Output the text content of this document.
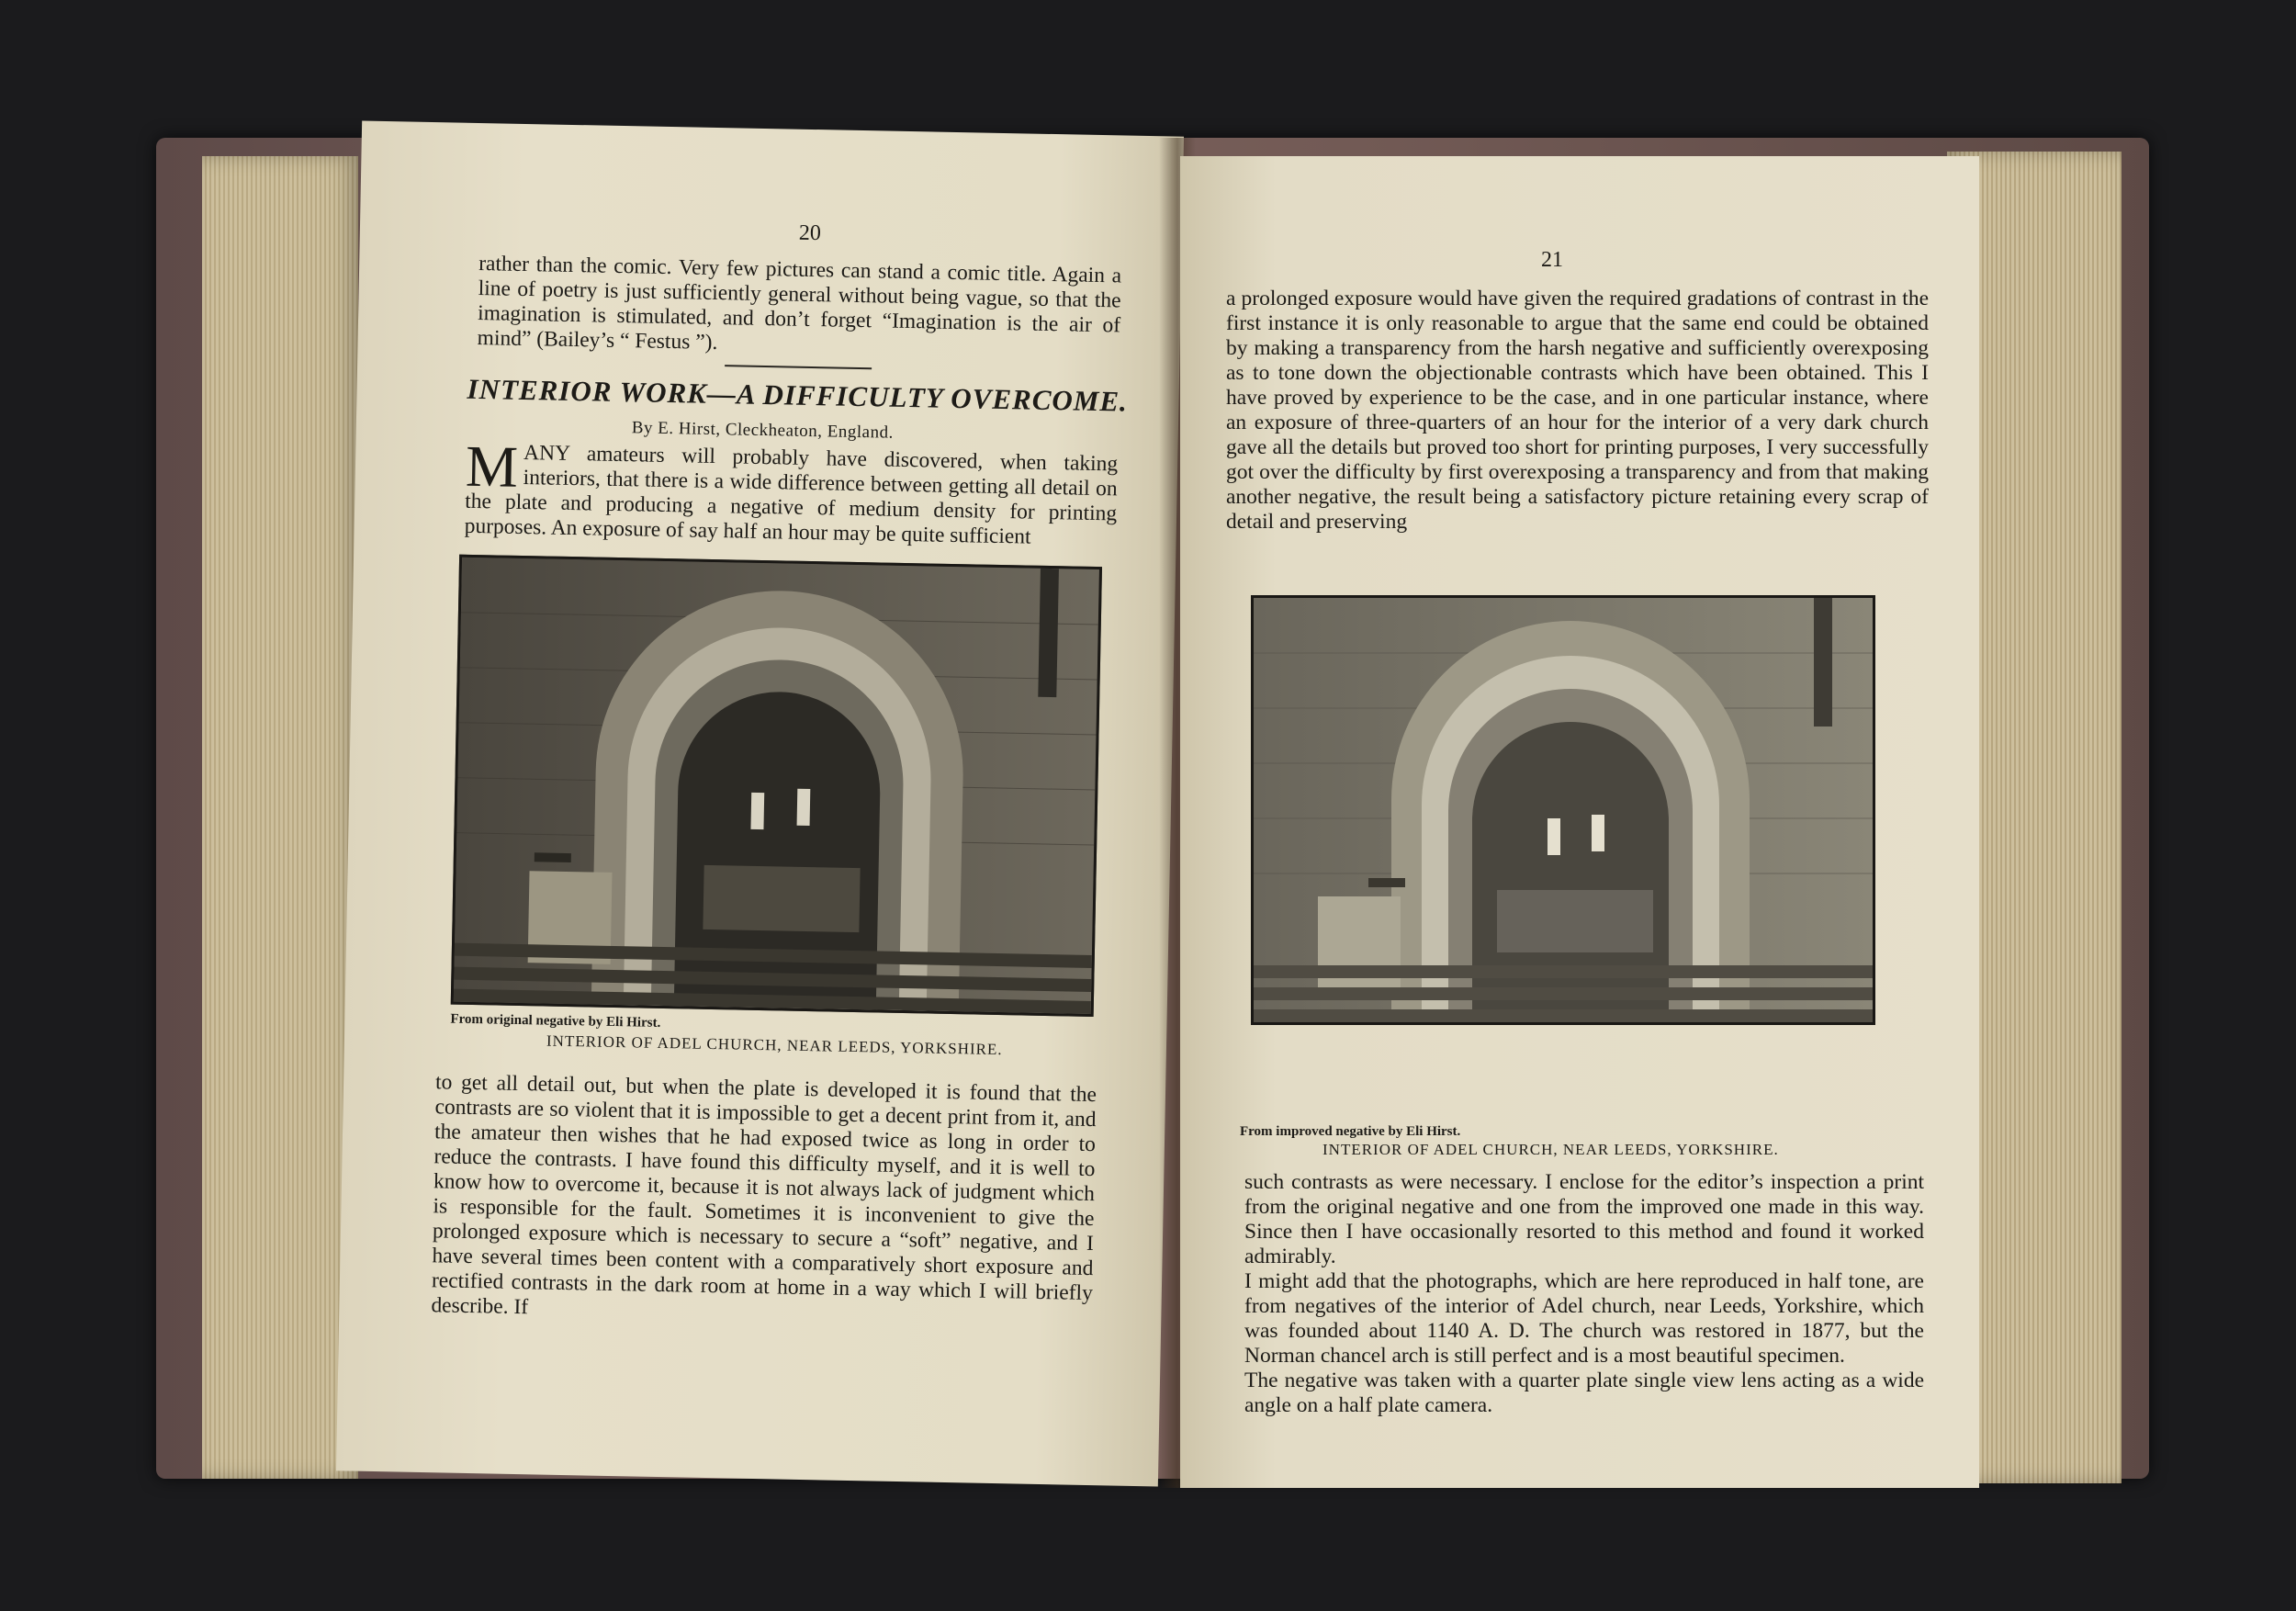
20

rather than the comic. Very few pictures can stand a comic title. Again a line of poetry is just sufficiently general without being vague, so that the imagination is stimulated, and don’t forget “Imagination is the air of mind” (Bailey’s “ Festus ”).

INTERIOR WORK—A DIFFICULTY OVERCOME.
By E. Hirst, Cleckheaton, England.
M ANY amateurs will probably have discovered, when taking interiors, that there is a wide difference between getting all detail on the plate and producing a negative of medium density for printing purposes. An exposure of say half an hour may be quite sufficient

From original negative by Eli Hirst.
INTERIOR OF ADEL CHURCH, NEAR LEEDS, YORKSHIRE.

to get all detail out, but when the plate is developed it is found that the contrasts are so violent that it is impossible to get a decent print from it, and the amateur then wishes that he had exposed twice as long in order to reduce the contrasts. I have found this difficulty myself, and it is well to know how to overcome it, because it is not always lack of judgment which is responsible for the fault. Sometimes it is inconvenient to give the prolonged exposure which is necessary to secure a “soft” negative, and I have several times been content with a comparatively short exposure and rectified contrasts in the dark room at home in a way which I will briefly describe. If

21

a prolonged exposure would have given the required gradations of contrast in the first instance it is only reasonable to argue that the same end could be obtained by making a transparency from the harsh negative and sufficiently overexposing as to tone down the objectionable contrasts which have been obtained. This I have proved by experience to be the case, and in one particular instance, where an exposure of three-quarters of an hour for the interior of a very dark church gave all the details but proved too short for printing purposes, I very successfully got over the difficulty by first overexposing a transparency and from that making another negative, the result being a satisfactory picture retaining every scrap of detail and preserving

From improved negative by Eli Hirst.
INTERIOR OF ADEL CHURCH, NEAR LEEDS, YORKSHIRE.

such contrasts as were necessary. I enclose for the editor’s inspection a print from the original negative and one from the improved one made in this way. Since then I have occasionally resorted to this method and found it worked admirably.

I might add that the photographs, which are here reproduced in half tone, are from negatives of the interior of Adel church, near Leeds, Yorkshire, which was founded about 1140 A. D. The church was restored in 1877, but the Norman chancel arch is still perfect and is a most beautiful specimen.

The negative was taken with a quarter plate single view lens acting as a wide angle on a half plate camera.
